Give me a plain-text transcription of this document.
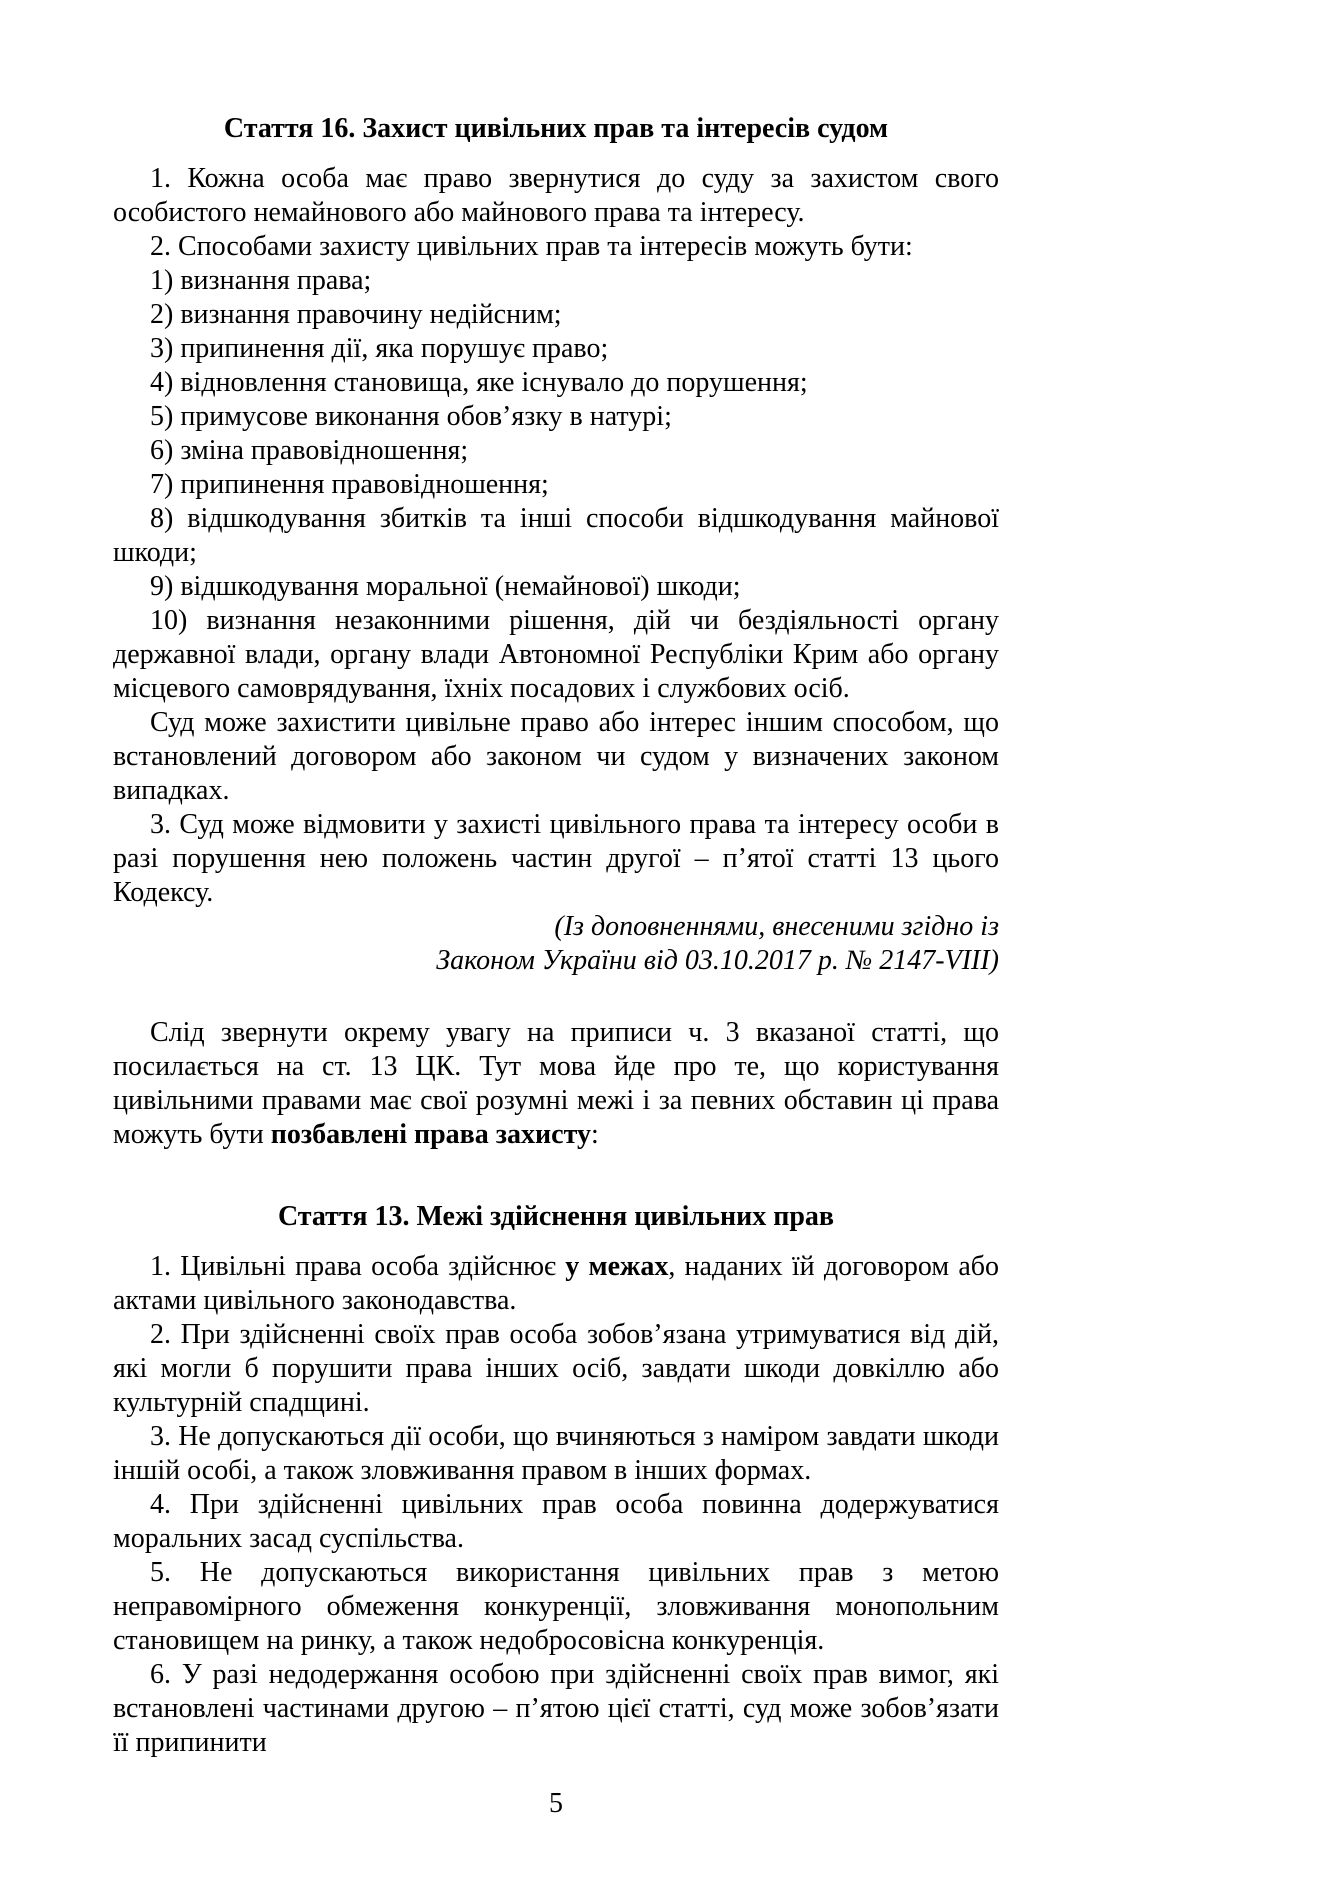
Стаття 16. Захист цивільних прав та інтересів судом

1. Кожна особа має право звернутися до суду за захистом свого особистого немайнового або майнового права та інтересу.

2. Способами захисту цивільних прав та інтересів можуть бути:

1) визнання права;

2) визнання правочину недійсним;

3) припинення дії, яка порушує право;

4) відновлення становища, яке існувало до порушення;

5) примусове виконання обов’язку в натурі;

6) зміна правовідношення;

7) припинення правовідношення;

8) відшкодування збитків та інші способи відшкодування майнової шкоди;

9) відшкодування моральної (немайнової) шкоди;

10) визнання незаконними рішення, дій чи бездіяльності органу державної влади, органу влади Автономної Республіки Крим або органу місцевого самоврядування, їхніх посадових і службових осіб.

Суд може захистити цивільне право або інтерес іншим способом, що встановлений договором або законом чи судом у визначених законом випадках.

3. Суд може відмовити у захисті цивільного права та інтересу особи в разі порушення нею положень частин другої – п’ятої статті 13 цього Кодексу.

(Із доповненнями, внесеними згідно із

Законом України від 03.10.2017 р. № 2147-VIII)

Слід звернути окрему увагу на приписи ч. 3 вказаної статті, що посилається на ст. 13 ЦК. Тут мова йде про те, що користування цивільними правами має свої розумні межі і за певних обставин ці права можуть бути позбавлені права захисту:

Стаття 13. Межі здійснення цивільних прав

1. Цивільні права особа здійснює у межах, наданих їй договором або актами цивільного законодавства.

2. При здійсненні своїх прав особа зобов’язана утримуватися від дій, які могли б порушити права інших осіб, завдати шкоди довкіллю або культурній спадщині.

3. Не допускаються дії особи, що вчиняються з наміром завдати шкоди іншій особі, а також зловживання правом в інших формах.

4. При здійсненні цивільних прав особа повинна додержуватися моральних засад суспільства.

5. Не допускаються використання цивільних прав з метою неправомірного обмеження конкуренції, зловживання монопольним становищем на ринку, а також недобросовісна конкуренція.

6. У разі недодержання особою при здійсненні своїх прав вимог, які встановлені частинами другою – п’ятою цієї статті, суд може зобов’язати її припинити

5
